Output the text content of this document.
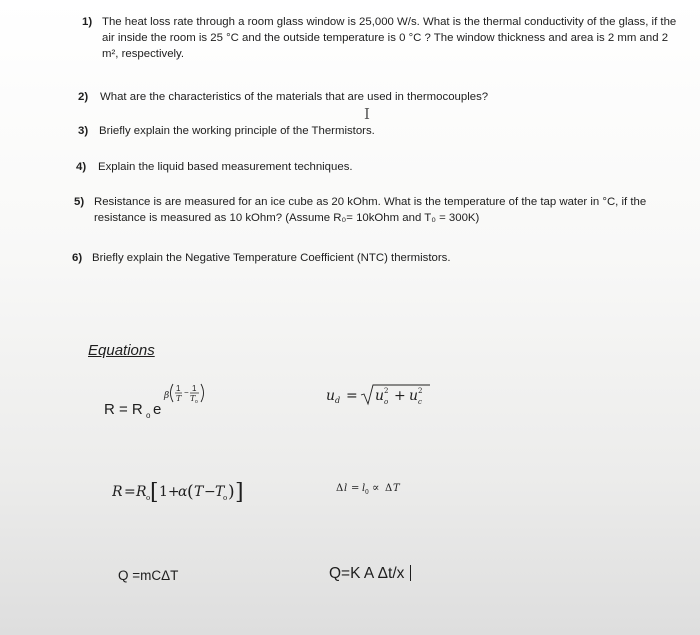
1) The heat loss rate through a room glass window is 25,000 W/s. What is the thermal conductivity of the glass, if the air inside the room is 25 °C and the outside temperature is 0 °C ? The window thickness and area is 2 mm and 2 m², respectively.
2)	What are the characteristics of the materials that are used in thermocouples?
I
3) Briefly explain the working principle of the Thermistors.
4)	Explain the liquid based measurement techniques.
5) Resistance is are measured for an ice cube as 20 kOhm. What is the temperature of the tap water in °C, if the resistance is measured as 10 kOhm? (Assume R₀= 10kOhm and T₀ = 300K)
6) Briefly explain the Negative Temperature Coefficient (NTC) thermistors.
Equations
R = R o e
β
1
T
− 1
T o	u d = u 2
o + u 2
c
R = R o [ 1+
α ( T − T
o ) ]	Δ l = l 0 ∝ Δ T
Q =mCΔT	Q=K A Δt/x
